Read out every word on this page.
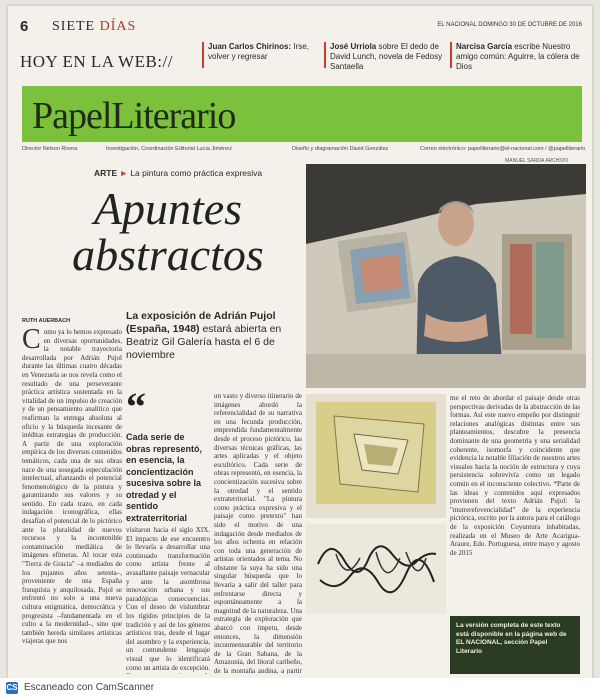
6 SIETE DÍAS	EL NACIONAL DOMINGO 30 DE OCTUBRE DE 2016
HOY EN LA WEB://
Juan Carlos Chirinos: Irse, volver y regresar
José Urriola sobre El dedo de David Lunch, novela de Fedosy Santaella
Narcisa García escribe Nuestro amigo común: Aguirre, la cólera de Dios
PapelLiterario
Director Nelson Rivera	Investigación, Coordinación Editorial Lucía Jiménez	Diseño y diagramación David González	Correo electrónico: papelliterario@el-nacional.com / @papelliterario
MANUEL SARDA ARCHIVO
ARTE ► La pintura como práctica expresiva
Apuntes
abstractos
RUTH AUERBACH	La exposición de Adrián Pujol (España, 1948) estará abierta en Beatriz Gil Galería hasta el 6 de noviembre
Como ya lo hemos expresado en diversas oportunidades, la notable trayectoria desarrollada por Adrián Pujol durante las últimas cuatro décadas en Venezuela se nos revela como el resultado de una perseverante práctica artística sustentada en la vitalidad de un impulso de creación y de un pensamiento analítico que reafirman la entrega absoluta al oficio y la búsqueda incesante de inéditas estrategias de producción. A partir de una exploración empírica de los diversos contenidos temáticos, cada una de sus obras nace de una sosegada especulación intelectual, afianzando el potencial fenomenológico de la pintura y garantizando sus valores y su sentido. En cada trazo, en cada indagación iconográfica, ellas desafían el potencial de lo pictórico ante la pluralidad de nuevos recursos y la incontenible contaminación mediática de imágenes efímeras. Al tocar esta "Tierra de Gracia" –a mediados de los pujantes años setenta–, proveniente de una España franquista y anquilosada, Pujol se enfrentó no solo a una nueva cultura enigmática, democrática y progresista –fundamentada en el culto a la modernidad–, sino que también hereda similares artísticas viajeras que nos
“
Cada serie de obras representó, en esencia, la concientización sucesiva sobre la otredad y el sentido extraterritorial
visitaron hacia el siglo XIX. El impacto de ese encuentro lo llevaría a desarrollar una continuado transformación como artista frente al avasallante paisaje vernacular y ante la asombrosa innovación urbana y sus paradójicas consecuencias. Con el deseo de vislumbrar los rígidos principios de la tradición y así de los géneros artísticos tras, desde el lugar del asombro y la experiencia, un contundente lenguaje visual que lo identificará como un artista de excepción.
un vasto y diverso itinerario de imágenes abordó la referencialidad de su narrativa en una fecunda producción, emprendida fundamentalmente desde el proceso pictórico, las diversas técnicas gráficas, las artes aplicadas y el objeto escultórico. Cada serie de obras representó, en esencia, la concientización sucesiva sobre la otredad y el sentido extraterritorial. "La pintura como práctica expresiva y el paisaje como pretexto" han sido el motivo de una indagación desde mediados de los años ochenta en relación con toda una generación de artistas orientados al tema. No obstante la suya ha sido una singular búsqueda que lo llevaría a salir del taller para enfrentarse directa y espontáneamente a la magnitud de la naturaleza. Una estrategia de exploración que abarcó con ímpetu, desde entonces, la dimensión inconmensurable del territorio de la Gran Sabana, de la Amazonía, del litoral caribeño, de la montaña andina, a partir
me el reto de abordar el paisaje desde otras perspectivas derivadas de la abstracción de las formas. Así este nuevo empeño por distinguir relaciones analógicas distintas entre sus planteamientos, descubre la presencia dominante de una geometría y una serialidad coherente, isomorfa y coincidente que evidencia la notable filiación de nuestros artes visuales hacia la noción de estructura y cuya persistencia sobrevivía como un legado común en el inconsciente colectivo. *Parte de las ideas y contenidos aquí expresados provienen del texto Adrián Pujol: la "mutrerefevencialidad" de la experiencia pictórica, escrito por la autora para el catálogo de la exposición Coyuntura inhabitadas, realizada en el Museo de Arte Acarigua-Araure, Edo. Portuguesa, entre mayo y agosto de 2015
La versión completa de este texto está disponible en la página web de EL NACIONAL, sección Papel Literario
CS Escaneado con CamScanner
